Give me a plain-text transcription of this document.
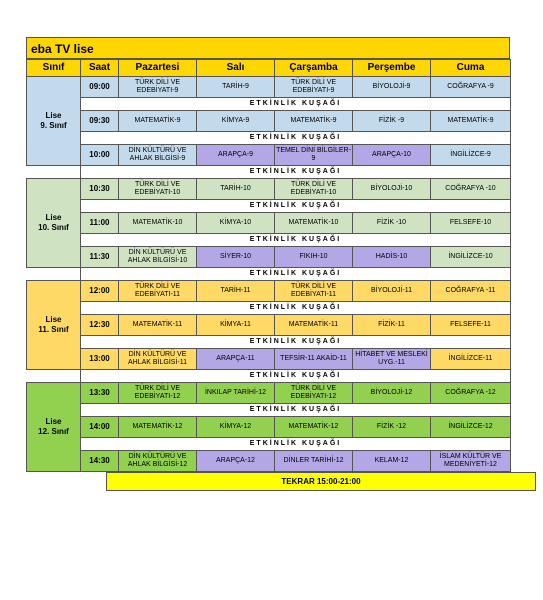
eba TV lise
Sınıf	Saat	Pazartesi	Salı	Çarşamba	Perşembe	Cuma

Lise
9. Sınıf	09:00	TÜRK DİLİ VE EDEBİYATI-9	TARİH-9	TÜRK DİLİ VE EDEBİYATI-9	BİYOLOJİ-9	COĞRAFYA -9
	ETKİNLİK KUŞAĞI					
	09:30	MATEMATİK-9	KİMYA-9	MATEMATİK-9	FİZİK -9	MATEMATİK-9
	ETKİNLİK KUŞAĞI					
	10:00	DİN KÜLTÜRÜ VE AHLAK BİLGİSİ-9	ARAPÇA-9	TEMEL DİNİ BİLGİLER-9	ARAPÇA-10	İNGİLİZCE-9
	ETKİNLİK KUŞAĞI					

Lise
10. Sınıf	10:30	TÜRK DİLİ VE EDEBİYATI-10	TARİH-10	TÜRK DİLİ VE EDEBİYATI-10	BİYOLOJİ-10	COĞRAFYA -10
	ETKİNLİK KUŞAĞI					
	11:00	MATEMATİK-10	KİMYA-10	MATEMATİK-10	FİZİK -10	FELSEFE-10
	ETKİNLİK KUŞAĞI					
	11:30	DİN KÜLTÜRÜ VE AHLAK BİLGİSİ-10	SİYER-10	FIKIH-10	HADİS-10	İNGİLİZCE-10
	ETKİNLİK KUŞAĞI					

Lise
11. Sınıf	12:00	TÜRK DİLİ VE EDEBİYATI-11	TARİH-11	TÜRK DİLİ VE EDEBİYATI-11	BİYOLOJİ-11	COĞRAFYA -11
	ETKİNLİK KUŞAĞI					
	12:30	MATEMATİK-11	KİMYA-11	MATEMATİK-11	FİZİK-11	FELSEFE-11
	ETKİNLİK KUŞAĞI					
	13:00	DİN KÜLTÜRÜ VE AHLAK BİLGİSİ-11	ARAPÇA-11	TEFSİR-11 AKAİD-11	HİTABET VE MESLEKİ UYG.-11	İNGİLİZCE-11
	ETKİNLİK KUŞAĞI					

Lise
12. Sınıf	13:30	TÜRK DİLİ VE EDEBİYATI-12	İNKILAP TARİHİ-12	TÜRK DİLİ VE EDEBİYATI-12	BİYOLOJİ-12	COĞRAFYA -12
	ETKİNLİK KUŞAĞI					
	14:00	MATEMATİK-12	KİMYA-12	MATEMATİK-12	FİZİK -12	İNGİLİZCE-12
	ETKİNLİK KUŞAĞI					
	14:30	DİN KÜLTÜRÜ VE AHLAK BİLGİSİ-12	ARAPÇA-12	DİNLER TARİHİ-12	KELAM-12	İSLAM KÜLTÜR VE MEDENİYETİ-12
TEKRAR 15:00-21:00
